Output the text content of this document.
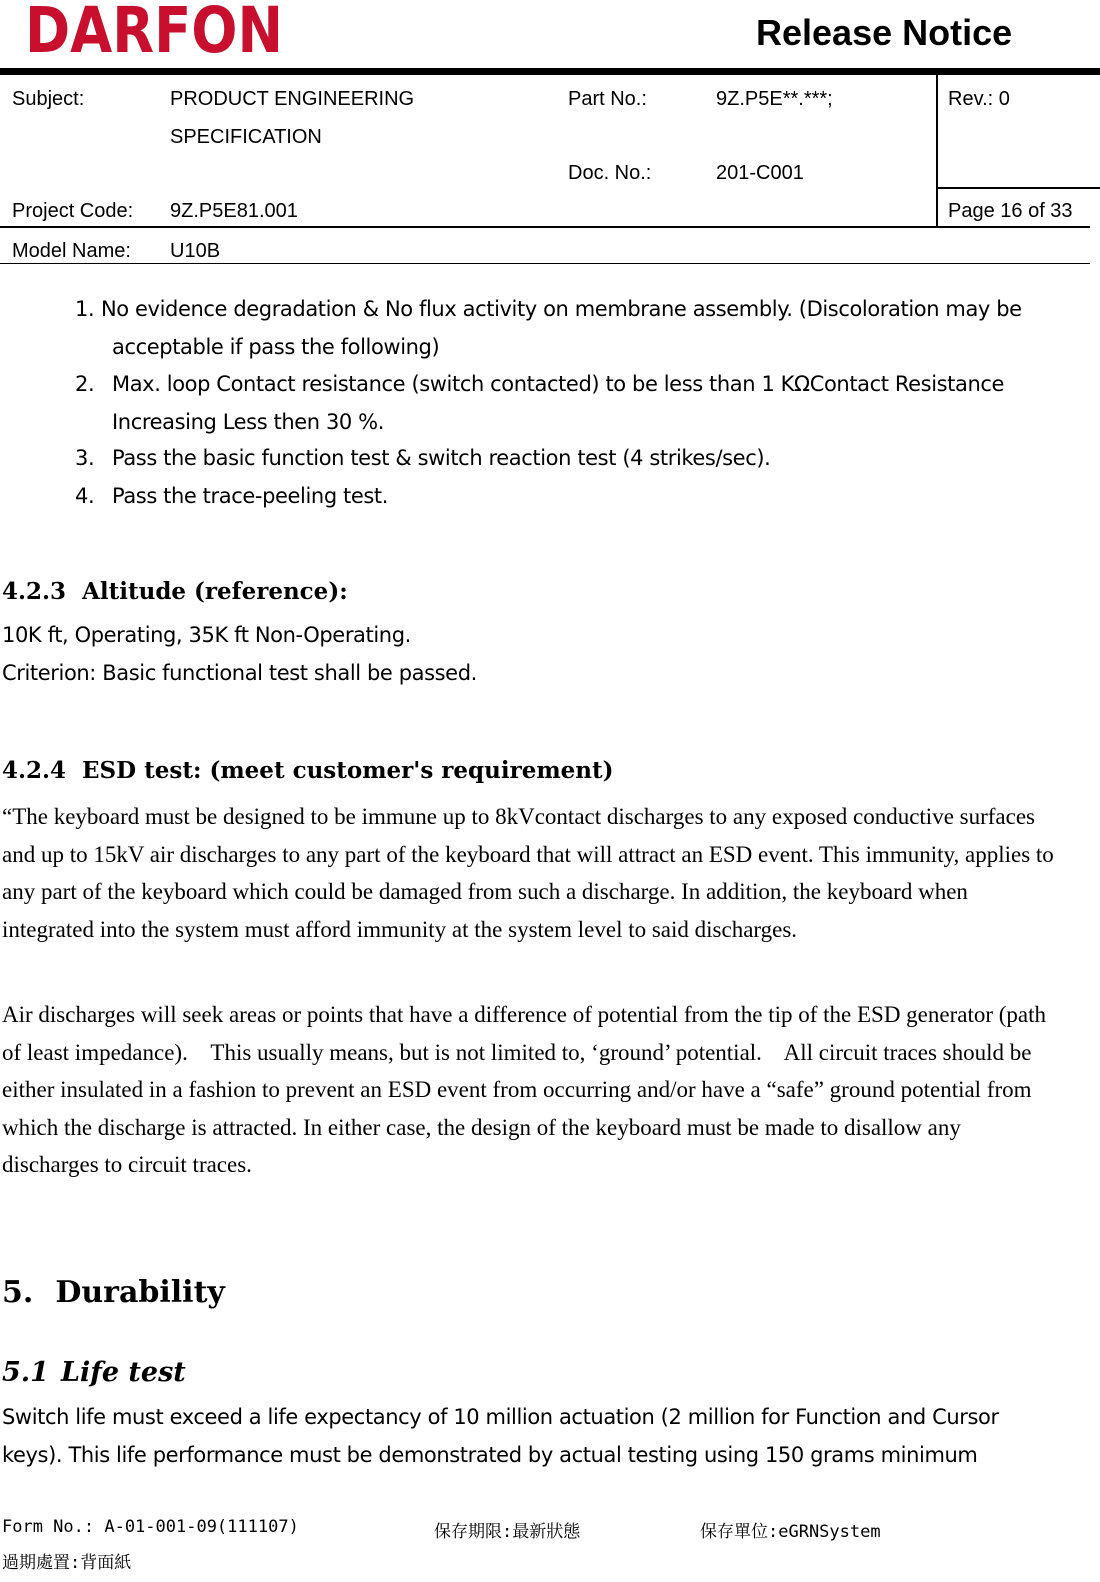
DARFON	Release Notice
Subject:	PRODUCT ENGINEERING
SPECIFICATION
Part No.:	9Z.P5E**.***;
Doc. No.:	201-C001
Rev.: 0
Project Code: 9Z.P5E81.001	Page 16 of 33
Model Name: U10B
1. No evidence degradation & No flux activity on membrane assembly. (Discoloration may be acceptable if pass the following)
2. Max. loop Contact resistance (switch contacted) to be less than 1 KΩContact Resistance Increasing Less then 30 %.
3. Pass the basic function test & switch reaction test (4 strikes/sec).
4. Pass the trace-peeling test.
4.2.3 Altitude (reference):
10K ft, Operating, 35K ft Non-Operating.
Criterion: Basic functional test shall be passed.
4.2.4 ESD test: (meet customer's requirement)
“The keyboard must be designed to be immune up to 8kVcontact discharges to any exposed conductive surfaces and up to 15kV air discharges to any part of the keyboard that will attract an ESD event. This immunity, applies to any part of the keyboard which could be damaged from such a discharge. In addition, the keyboard when integrated into the system must afford immunity at the system level to said discharges.
Air discharges will seek areas or points that have a difference of potential from the tip of the ESD generator (path of least impedance).    This usually means, but is not limited to, ‘ground’ potential.    All circuit traces should be either insulated in a fashion to prevent an ESD event from occurring and/or have a “safe” ground potential from which the discharge is attracted. In either case, the design of the keyboard must be made to disallow any discharges to circuit traces.
5. Durability
5.1 Life test
Switch life must exceed a life expectancy of 10 million actuation (2 million for Function and Cursor keys). This life performance must be demonstrated by actual testing using 150 grams minimum
Form No.: A-01-001-09(111107)	保存期限:最新狀態	保存單位:eGRNSystem
過期處置:背面紙
